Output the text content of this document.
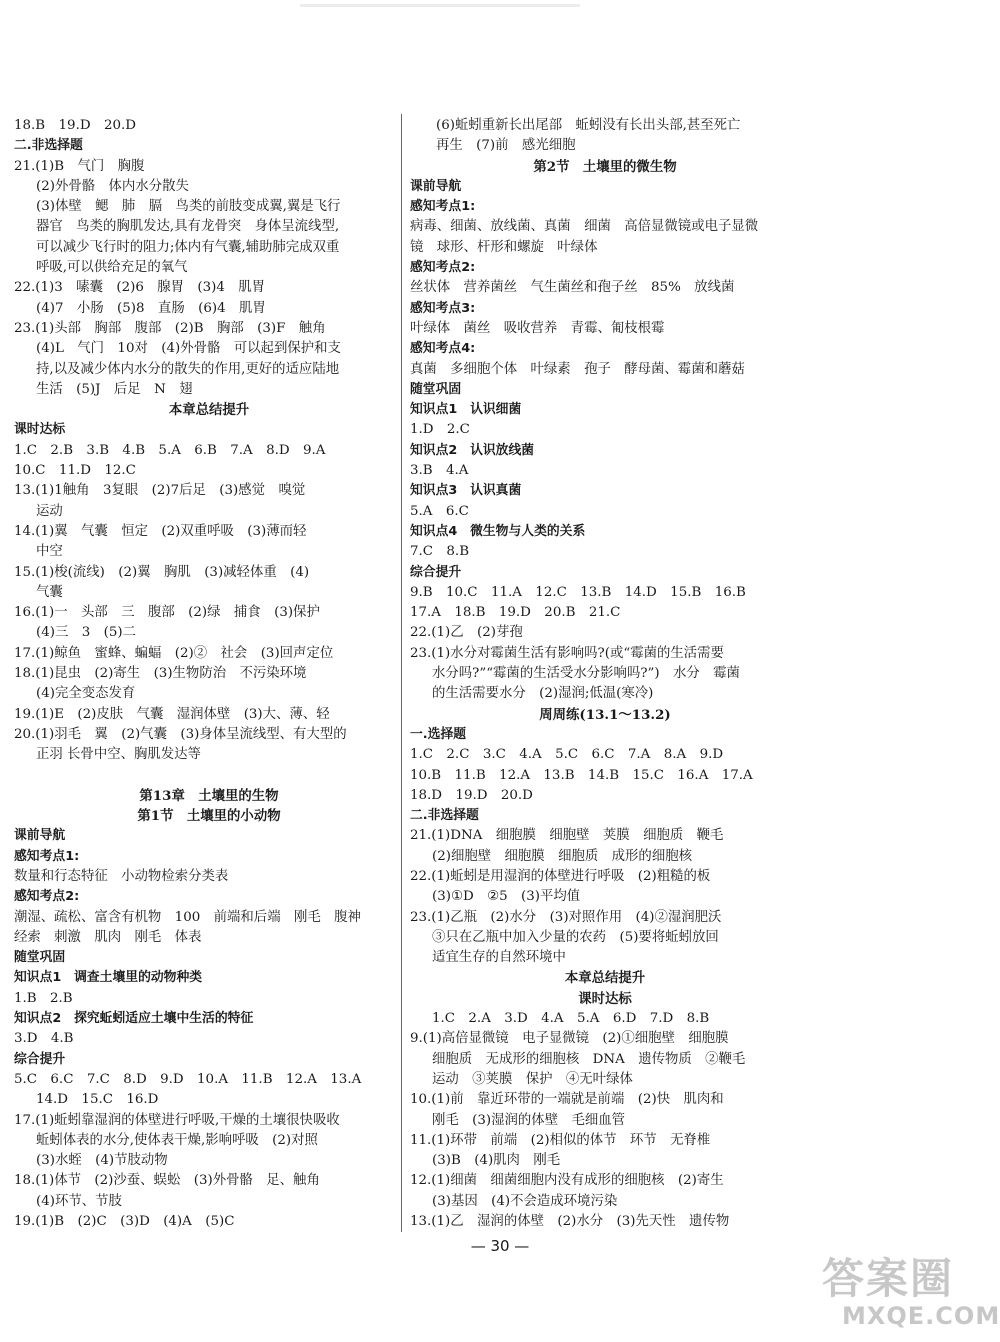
18.B　19.D　20.D
二.非选择题
21.(1)B　气门　胸腹
(2)外骨骼　体内水分散失
(3)体壁　鳃　肺　膈　鸟类的前肢变成翼,翼是飞行
器官　鸟类的胸肌发达,具有龙骨突　身体呈流线型,
可以减少飞行时的阻力;体内有气囊,辅助肺完成双重
呼吸,可以供给充足的氧气
22.(1)3　嗉囊　(2)6　腺胃　(3)4　肌胃
(4)7　小肠　(5)8　直肠　(6)4　肌胃
23.(1)头部　胸部　腹部　(2)B　胸部　(3)F　触角
(4)L　气门　10对　(4)外骨骼　可以起到保护和支
持,以及减少体内水分的散失的作用,更好的适应陆地
生活　(5)J　后足　N　翅
本章总结提升
课时达标
1.C　2.B　3.B　4.B　5.A　6.B　7.A　8.D　9.A
10.C　11.D　12.C
13.(1)1触角　3复眼　(2)7后足　(3)感觉　嗅觉
运动
14.(1)翼　气囊　恒定　(2)双重呼吸　(3)薄而轻
中空
15.(1)梭(流线)　(2)翼　胸肌　(3)减轻体重　(4)
气囊
16.(1)一　头部　三　腹部　(2)绿　捕食　(3)保护
(4)三　3　(5)二
17.(1)鲸鱼　蜜蜂、蝙蝠　(2)②　社会　(3)回声定位
18.(1)昆虫　(2)寄生　(3)生物防治　不污染环境
(4)完全变态发育
19.(1)E　(2)皮肤　气囊　湿润体壁　(3)大、薄、轻
20.(1)羽毛　翼　(2)气囊　(3)身体呈流线型、有大型的
正羽 长骨中空、胸肌发达等
第13章　土壤里的生物
第1节　土壤里的小动物
课前导航
感知考点1:
数量和行态特征　小动物检索分类表
感知考点2:
潮湿、疏松、富含有机物　100　前端和后端　刚毛　腹神
经索　刺激　肌肉　刚毛　体表
随堂巩固
知识点1　调查土壤里的动物种类
1.B　2.B
知识点2　探究蚯蚓适应土壤中生活的特征
3.D　4.B
综合提升
5.C　6.C　7.C　8.D　9.D　10.A　11.B　12.A　13.A
14.D　15.C　16.D
17.(1)蚯蚓靠湿润的体壁进行呼吸,干燥的土壤很快吸收
蚯蚓体表的水分,使体表干燥,影响呼吸　(2)对照
(3)水蛭　(4)节肢动物
18.(1)体节　(2)沙蚕、蜈蚣　(3)外骨骼　足、触角
(4)环节、节肢
19.(1)B　(2)C　(3)D　(4)A　(5)C
(6)蚯蚓重新长出尾部　蚯蚓没有长出头部,甚至死亡
再生　(7)前　感光细胞
第2节　土壤里的微生物
课前导航
感知考点1:
病毒、细菌、放线菌、真菌　细菌　高倍显微镜或电子显微
镜　球形、杆形和螺旋　叶绿体
感知考点2:
丝状体　营养菌丝　气生菌丝和孢子丝　85%　放线菌
感知考点3:
叶绿体　菌丝　吸收营养　青霉、匍枝根霉
感知考点4:
真菌　多细胞个体　叶绿素　孢子　酵母菌、霉菌和蘑菇
随堂巩固
知识点1　认识细菌
1.D　2.C
知识点2　认识放线菌
3.B　4.A
知识点3　认识真菌
5.A　6.C
知识点4　微生物与人类的关系
7.C　8.B
综合提升
9.B　10.C　11.A　12.C　13.B　14.D　15.B　16.B
17.A　18.B　19.D　20.B　21.C
22.(1)乙　(2)芽孢
23.(1)水分对霉菌生活有影响吗?(或“霉菌的生活需要
水分吗?”“霉菌的生活受水分影响吗?”)　水分　霉菌
的生活需要水分　(2)湿润;低温(寒冷)
周周练(13.1～13.2)
一.选择题
1.C　2.C　3.C　4.A　5.C　6.C　7.A　8.A　9.D
10.B　11.B　12.A　13.B　14.B　15.C　16.A　17.A
18.D　19.D　20.D
二.非选择题
21.(1)DNA　细胞膜　细胞壁　荚膜　细胞质　鞭毛
(2)细胞壁　细胞膜　细胞质　成形的细胞核
22.(1)蚯蚓是用湿润的体壁进行呼吸　(2)粗糙的板
(3)①D　②5　(3)平均值
23.(1)乙瓶　(2)水分　(3)对照作用　(4)②湿润肥沃
③只在乙瓶中加入少量的农药　(5)要将蚯蚓放回
适宜生存的自然环境中
本章总结提升
课时达标
1.C　2.A　3.D　4.A　5.A　6.D　7.D　8.B
9.(1)高倍显微镜　电子显微镜　(2)①细胞壁　细胞膜
细胞质　无成形的细胞核　DNA　遗传物质　②鞭毛
运动　③荚膜　保护　④无叶绿体
10.(1)前　靠近环带的一端就是前端　(2)快　肌肉和
刚毛　(3)湿润的体壁　毛细血管
11.(1)环带　前端　(2)相似的体节　环节　无脊椎
(3)B　(4)肌肉　刚毛
12.(1)细菌　细菌细胞内没有成形的细胞核　(2)寄生
(3)基因　(4)不会造成环境污染
13.(1)乙　湿润的体壁　(2)水分　(3)先天性　遗传物
— 30 —
答案圈
MXQE.COM
